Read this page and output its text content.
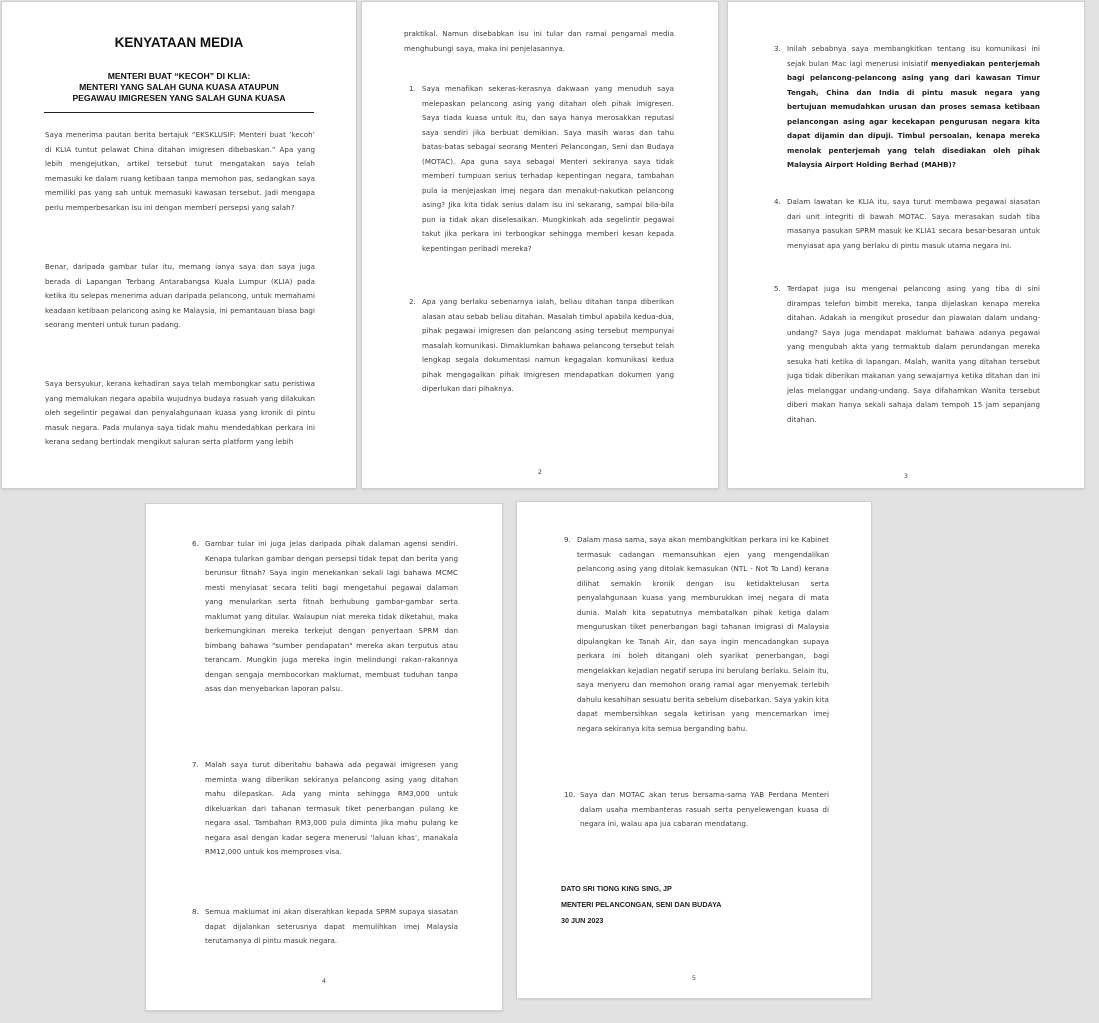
KENYATAAN MEDIA
MENTERI BUAT “KECOH” DI KLIA:
MENTERI YANG SALAH GUNA KUASA ATAUPUN
PEGAWAU IMIGRESEN YANG SALAH GUNA KUASA

Saya menerima pautan berita bertajuk “EKSKLUSIF: Menteri buat ‘kecoh’ di KLIA tuntut pelawat China ditahan imigresen dibebaskan.” Apa yang lebih mengejutkan, artikel tersebut turut mengatakan saya telah memasuki ke dalam ruang ketibaan tanpa memohon pas, sedangkan saya memiliki pas yang sah untuk memasuki kawasan tersebut. Jadi mengapa perlu memperbesarkan isu ini dengan memberi persepsi yang salah?

Benar, daripada gambar tular itu, memang ianya saya dan saya juga berada di Lapangan Terbang Antarabangsa Kuala Lumpur (KLIA) pada ketika itu selepas menerima aduan daripada pelancong, untuk memahami keadaan ketibaan pelancong asing ke Malaysia, ini pemantauan biasa bagi seorang menteri untuk turun padang.

Saya bersyukur, kerana kehadiran saya telah membongkar satu peristiwa yang memalukan negara apabila wujudnya budaya rasuah yang dilakukan oleh segelintir pegawai dan penyalahgunaan kuasa yang kronik di pintu masuk negara. Pada mulanya saya tidak mahu mendedahkan perkara ini kerana sedang bertindak mengikut saluran serta platform yang lebih

praktikal. Namun disebabkan isu ini tular dan ramai pengamal media menghubungi saya, maka ini penjelasannya.

1. Saya menafikan sekeras-kerasnya dakwaan yang menuduh saya melepaskan pelancong asing yang ditahan oleh pihak imigresen. Saya tiada kuasa untuk itu, dan saya hanya merosakkan reputasi saya sendiri jika berbuat demikian. Saya masih waras dan tahu batas-batas sebagai seorang Menteri Pelancongan, Seni dan Budaya (MOTAC). Apa guna saya sebagai Menteri sekiranya saya tidak memberi tumpuan serius terhadap kepentingan negara, tambahan pula ia menjejaskan imej negara dan menakut-nakutkan pelancong asing? Jika kita tidak serius dalam isu ini sekarang, sampai bila-bila pun ia tidak akan diselesaikan. Mungkinkah ada segelintir pegawai takut jika perkara ini terbongkar sehingga memberi kesan kepada kepentingan peribadi mereka?

2. Apa yang berlaku sebenarnya ialah, beliau ditahan tanpa diberikan alasan atau sebab beliau ditahan. Masalah timbul apabila kedua-dua, pihak pegawai imigresen dan pelancong asing tersebut mempunyai masalah komunikasi. Dimaklumkan bahawa pelancong tersebut telah lengkap segala dokumentasi namun kegagalan komunikasi kedua pihak mengagalkan pihak Imigresen mendapatkan dokumen yang diperlukan dari pihaknya.

2
3. Inilah sebabnya saya membangkitkan tentang isu komunikasi ini sejak bulan Mac lagi menerusi inisiatif menyediakan penterjemah bagi pelancong-pelancong asing yang dari kawasan Timur Tengah, China dan India di pintu masuk negara yang bertujuan memudahkan urusan dan proses semasa ketibaan pelancongan asing agar kecekapan pengurusan negara kita dapat dijamin dan dipuji. Timbul persoalan, kenapa mereka menolak penterjemah yang telah disediakan oleh pihak Malaysia Airport Holding Berhad (MAHB)?

4. Dalam lawatan ke KLIA itu, saya turut membawa pegawai siasatan dari unit integriti di bawah MOTAC. Saya merasakan sudah tiba masanya pasukan SPRM masuk ke KLIA1 secara besar-besaran untuk menyiasat apa yang berlaku di pintu masuk utama negara ini.

5. Terdapat juga isu mengenai pelancong asing yang tiba di sini dirampas telefon bimbit mereka, tanpa dijelaskan kenapa mereka ditahan. Adakah ia mengikut prosedur dan piawaian dalam undang-undang? Saya juga mendapat maklumat bahawa adanya pegawai yang mengubah akta yang termaktub dalam perundangan mereka sesuka hati ketika di lapangan. Malah, wanita yang ditahan tersebut juga tidak diberikan makanan yang sewajarnya ketika ditahan dan ini jelas melanggar undang-undang. Saya difahamkan Wanita tersebut diberi makan hanya sekali sahaja dalam tempoh 15 jam sepanjang ditahan.

3
6. Gambar tular ini juga jelas daripada pihak dalaman agensi sendiri. Kenapa tularkan gambar dengan persepsi tidak tepat dan berita yang berunsur fitnah? Saya ingin menekankan sekali lagi bahawa MCMC mesti menyiasat secara teliti bagi mengetahui pegawai dalaman yang menularkan serta fitnah berhubung gambar-gambar serta maklumat yang ditular. Walaupun niat mereka tidak diketahui, maka berkemungkinan mereka terkejut dengan penyertaan SPRM dan bimbang bahawa "sumber pendapatan" mereka akan terputus atau terancam. Mungkin juga mereka ingin melindungi rakan-rakannya dengan sengaja membocorkan maklumat, membuat tuduhan tanpa asas dan menyebarkan laporan palsu.

7. Malah saya turut diberitahu bahawa ada pegawai imigresen yang meminta wang diberikan sekiranya pelancong asing yang ditahan mahu dilepaskan. Ada yang minta sehingga RM3,000 untuk dikeluarkan dari tahanan termasuk tiket penerbangan pulang ke negara asal. Tambahan RM3,000 pula diminta jika mahu pulang ke negara asal dengan kadar segera menerusi ‘laluan khas’, manakala RM12,000 untuk kos memproses visa.

8. Semua maklumat ini akan diserahkan kepada SPRM supaya siasatan dapat dijalankan seterusnya dapat memulihkan imej Malaysia terutamanya di pintu masuk negara.

4
9. Dalam masa sama, saya akan membangkitkan perkara ini ke Kabinet termasuk cadangan memansuhkan ejen yang mengendalikan pelancong asing yang ditolak kemasukan (NTL - Not To Land) kerana dilihat semakin kronik dengan isu ketidaktelusan serta penyalahgunaan kuasa yang memburukkan imej negara di mata dunia. Malah kita sepatutnya membatalkan pihak ketiga dalam menguruskan tiket penerbangan bagi tahanan imigrasi di Malaysia dipulangkan ke Tanah Air, dan saya ingin mencadangkan supaya perkara ini boleh ditangani oleh syarikat penerbangan, bagi mengelakkan kejadian negatif serupa ini berulang berlaku. Selain itu, saya menyeru dan memohon orang ramai agar menyemak terlebih dahulu kesahihan sesuatu berita sebelum disebarkan. Saya yakin kita dapat membersihkan segala ketirisan yang mencemarkan imej negara sekiranya kita semua berganding bahu.

10. Saya dan MOTAC akan terus bersama-sama YAB Perdana Menteri dalam usaha membanteras rasuah serta penyelewengan kuasa di negara ini, walau apa jua cabaran mendatang.

DATO SRI TIONG KING SING, JP
MENTERI PELANCONGAN, SENI DAN BUDAYA
30 JUN 2023
5
